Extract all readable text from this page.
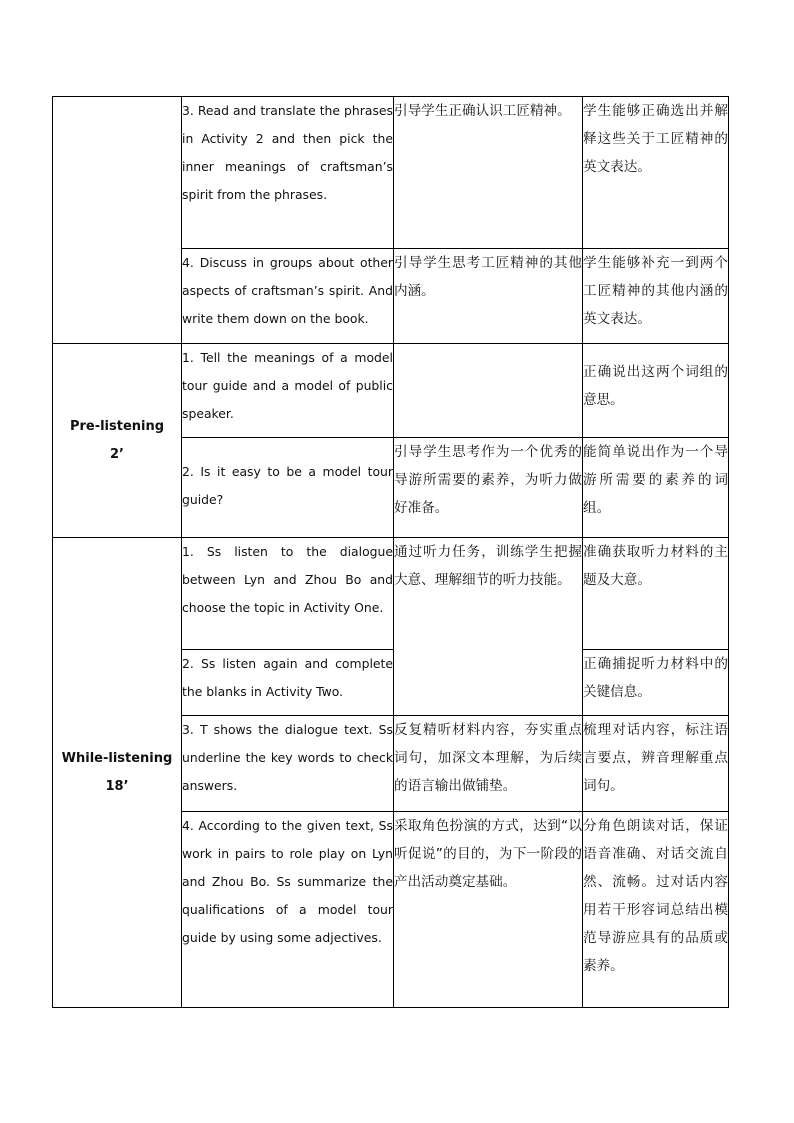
	3. Read and translate the phrases in Activity 2 and then pick the inner meanings of craftsman’s spirit from the phrases.	引导学生正确认识工匠精神。	学生能够正确选出并解释这些关于工匠精神的英文表达。
	4. Discuss in groups about other aspects of craftsman’s spirit. And write them down on the book.	引导学生思考工匠精神的其他内涵。	学生能够补充一到两个工匠精神的其他内涵的英文表达。

Pre-listening
2’	1. Tell the meanings of a model tour guide and a model of public speaker.		正确说出这两个词组的意思。
	2. Is it easy to be a model tour guide?	引导学生思考作为一个优秀的导游所需要的素养，为听力做好准备。	能简单说出作为一个导游所需要的素养的词组。

While-listening
18’	1. Ss listen to the dialogue between Lyn and Zhou Bo and choose the topic in Activity One.	通过听力任务，训练学生把握大意、理解细节的听力技能。	准确获取听力材料的主题及大意。
	2. Ss listen again and complete the blanks in Activity Two.		正确捕捉听力材料中的关键信息。
	3. T shows the dialogue text. Ss underline the key words to check answers.	反复精听材料内容，夯实重点词句，加深文本理解，为后续的语言输出做铺垫。	梳理对话内容，标注语言要点，辨音理解重点词句。
	4. According to the given text, Ss work in pairs to role play on Lyn and Zhou Bo. Ss summarize the qualifications of a model tour guide by using some adjectives.	采取角色扮演的方式，达到“以听促说”的目的，为下一阶段的产出活动奠定基础。	分角色朗读对话，保证语音准确、对话交流自然、流畅。过对话内容用若干形容词总结出模范导游应具有的品质或素养。
